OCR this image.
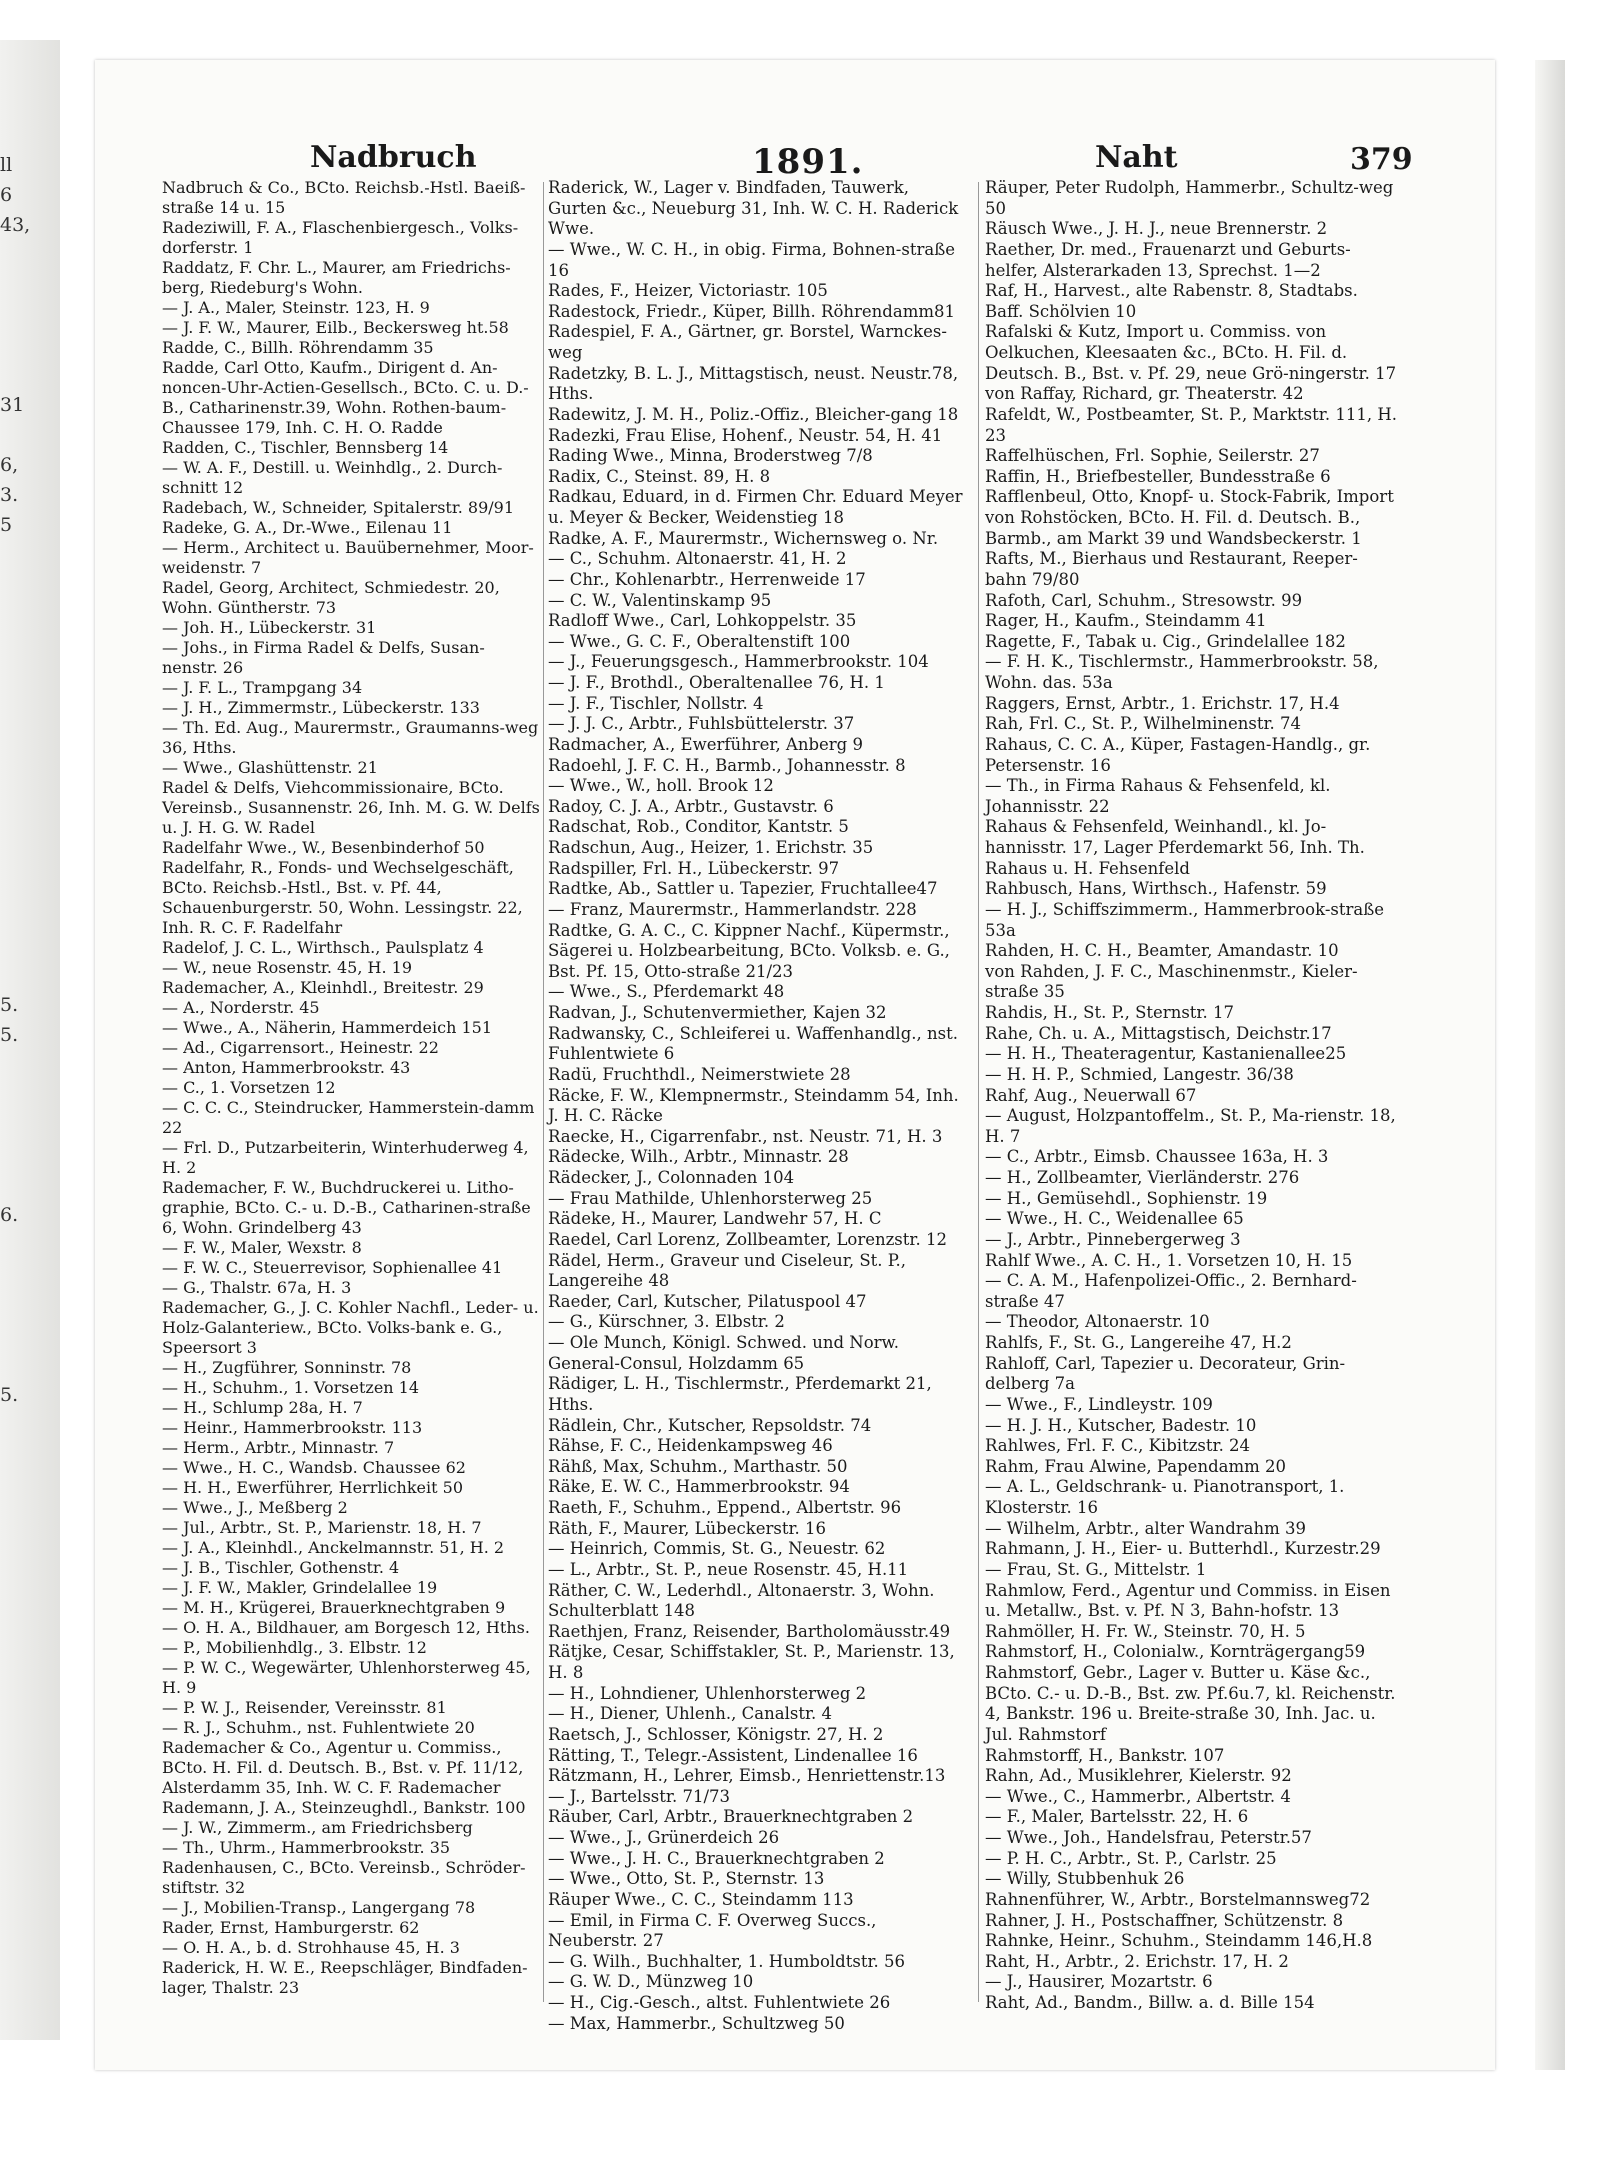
ll
6
43,
31
6,
3.
5
5.
5.
6.
5.
Nadbruch	1891.	Naht	379
Nadbruch & Co., BCto. Reichsb.-Hstl. Baeiß-straße 14 u. 15
Radeziwill, F. A., Flaschenbiergesch., Volks-dorferstr. 1
Raddatz, F. Chr. L., Maurer, am Friedrichs-berg, Riedeburg's Wohn.
— J. A., Maler, Steinstr. 123, H. 9
— J. F. W., Maurer, Eilb., Beckersweg ht.58
Radde, C., Billh. Röhrendamm 35
Radde, Carl Otto, Kaufm., Dirigent d. An-noncen-Uhr-Actien-Gesellsch., BCto. C. u. D.-B., Catharinenstr.39, Wohn. Rothen-baum-Chaussee 179, Inh. C. H. O. Radde
Radden, C., Tischler, Bennsberg 14
— W. A. F., Destill. u. Weinhdlg., 2. Durch-schnitt 12
Radebach, W., Schneider, Spitalerstr. 89/91
Radeke, G. A., Dr.-Wwe., Eilenau 11
— Herm., Architect u. Bauübernehmer, Moor-weidenstr. 7
Radel, Georg, Architect, Schmiedestr. 20, Wohn. Güntherstr. 73
— Joh. H., Lübeckerstr. 31
— Johs., in Firma Radel & Delfs, Susan-nenstr. 26
— J. F. L., Trampgang 34
— J. H., Zimmermstr., Lübeckerstr. 133
— Th. Ed. Aug., Maurermstr., Graumanns-weg 36, Hths.
— Wwe., Glashüttenstr. 21
Radel & Delfs, Viehcommissionaire, BCto. Vereinsb., Susannenstr. 26, Inh. M. G. W. Delfs u. J. H. G. W. Radel
Radelfahr Wwe., W., Besenbinderhof 50
Radelfahr, R., Fonds- und Wechselgeschäft, BCto. Reichsb.-Hstl., Bst. v. Pf. 44, Schauenburgerstr. 50, Wohn. Lessingstr. 22, Inh. R. C. F. Radelfahr
Radelof, J. C. L., Wirthsch., Paulsplatz 4
— W., neue Rosenstr. 45, H. 19
Rademacher, A., Kleinhdl., Breitestr. 29
— A., Norderstr. 45
— Wwe., A., Näherin, Hammerdeich 151
— Ad., Cigarrensort., Heinestr. 22
— Anton, Hammerbrookstr. 43
— C., 1. Vorsetzen 12
— C. C. C., Steindrucker, Hammerstein-damm 22
— Frl. D., Putzarbeiterin, Winterhuderweg 4, H. 2
Rademacher, F. W., Buchdruckerei u. Litho-graphie, BCto. C.- u. D.-B., Catharinen-straße 6, Wohn. Grindelberg 43
— F. W., Maler, Wexstr. 8
— F. W. C., Steuerrevisor, Sophienallee 41
— G., Thalstr. 67a, H. 3
Rademacher, G., J. C. Kohler Nachfl., Leder- u. Holz-Galanteriew., BCto. Volks-bank e. G., Speersort 3
— H., Zugführer, Sonninstr. 78
— H., Schuhm., 1. Vorsetzen 14
— H., Schlump 28a, H. 7
— Heinr., Hammerbrookstr. 113
— Herm., Arbtr., Minnastr. 7
— Wwe., H. C., Wandsb. Chaussee 62
— H. H., Ewerführer, Herrlichkeit 50
— Wwe., J., Meßberg 2
— Jul., Arbtr., St. P., Marienstr. 18, H. 7
— J. A., Kleinhdl., Anckelmannstr. 51, H. 2
— J. B., Tischler, Gothenstr. 4
— J. F. W., Makler, Grindelallee 19
— M. H., Krügerei, Brauerknechtgraben 9
— O. H. A., Bildhauer, am Borgesch 12, Hths.
— P., Mobilienhdlg., 3. Elbstr. 12
— P. W. C., Wegewärter, Uhlenhorsterweg 45, H. 9
— P. W. J., Reisender, Vereinsstr. 81
— R. J., Schuhm., nst. Fuhlentwiete 20
Rademacher & Co., Agentur u. Commiss., BCto. H. Fil. d. Deutsch. B., Bst. v. Pf. 11/12, Alsterdamm 35, Inh. W. C. F. Rademacher
Rademann, J. A., Steinzeughdl., Bankstr. 100
— J. W., Zimmerm., am Friedrichsberg
— Th., Uhrm., Hammerbrookstr. 35
Radenhausen, C., BCto. Vereinsb., Schröder-stiftstr. 32
— J., Mobilien-Transp., Langergang 78
Rader, Ernst, Hamburgerstr. 62
— O. H. A., b. d. Strohhause 45, H. 3
Raderick, H. W. E., Reepschläger, Bindfaden-lager, Thalstr. 23
Raderick, W., Lager v. Bindfaden, Tauwerk, Gurten &c., Neueburg 31, Inh. W. C. H. Raderick Wwe.
— Wwe., W. C. H., in obig. Firma, Bohnen-straße 16
Rades, F., Heizer, Victoriastr. 105
Radestock, Friedr., Küper, Billh. Röhrendamm81
Radespiel, F. A., Gärtner, gr. Borstel, Warnckes-weg
Radetzky, B. L. J., Mittagstisch, neust. Neustr.78, Hths.
Radewitz, J. M. H., Poliz.-Offiz., Bleicher-gang 18
Radezki, Frau Elise, Hohenf., Neustr. 54, H. 41
Rading Wwe., Minna, Broderstweg 7/8
Radix, C., Steinst. 89, H. 8
Radkau, Eduard, in d. Firmen Chr. Eduard Meyer u. Meyer & Becker, Weidenstieg 18
Radke, A. F., Maurermstr., Wichernsweg o. Nr.
— C., Schuhm. Altonaerstr. 41, H. 2
— Chr., Kohlenarbtr., Herrenweide 17
— C. W., Valentinskamp 95
Radloff Wwe., Carl, Lohkoppelstr. 35
— Wwe., G. C. F., Oberaltenstift 100
— J., Feuerungsgesch., Hammerbrookstr. 104
— J. F., Brothdl., Oberaltenallee 76, H. 1
— J. F., Tischler, Nollstr. 4
— J. J. C., Arbtr., Fuhlsbüttelerstr. 37
Radmacher, A., Ewerführer, Anberg 9
Radoehl, J. F. C. H., Barmb., Johannesstr. 8
— Wwe., W., holl. Brook 12
Radoy, C. J. A., Arbtr., Gustavstr. 6
Radschat, Rob., Conditor, Kantstr. 5
Radschun, Aug., Heizer, 1. Erichstr. 35
Radspiller, Frl. H., Lübeckerstr. 97
Radtke, Ab., Sattler u. Tapezier, Fruchtallee47
— Franz, Maurermstr., Hammerlandstr. 228
Radtke, G. A. C., C. Kippner Nachf., Küpermstr., Sägerei u. Holzbearbeitung, BCto. Volksb. e. G., Bst. Pf. 15, Otto-straße 21/23
— Wwe., S., Pferdemarkt 48
Radvan, J., Schutenvermiether, Kajen 32
Radwansky, C., Schleiferei u. Waffenhandlg., nst. Fuhlentwiete 6
Radü, Fruchthdl., Neimerstwiete 28
Räcke, F. W., Klempnermstr., Steindamm 54, Inh. J. H. C. Räcke
Raecke, H., Cigarrenfabr., nst. Neustr. 71, H. 3
Rädecke, Wilh., Arbtr., Minnastr. 28
Rädecker, J., Colonnaden 104
— Frau Mathilde, Uhlenhorsterweg 25
Rädeke, H., Maurer, Landwehr 57, H. C
Raedel, Carl Lorenz, Zollbeamter, Lorenzstr. 12
Rädel, Herm., Graveur und Ciseleur, St. P., Langereihe 48
Raeder, Carl, Kutscher, Pilatuspool 47
— G., Kürschner, 3. Elbstr. 2
— Ole Munch, Königl. Schwed. und Norw. General-Consul, Holzdamm 65
Rädiger, L. H., Tischlermstr., Pferdemarkt 21, Hths.
Rädlein, Chr., Kutscher, Repsoldstr. 74
Rähse, F. C., Heidenkampsweg 46
Rähß, Max, Schuhm., Marthastr. 50
Räke, E. W. C., Hammerbrookstr. 94
Raeth, F., Schuhm., Eppend., Albertstr. 96
Räth, F., Maurer, Lübeckerstr. 16
— Heinrich, Commis, St. G., Neuestr. 62
— L., Arbtr., St. P., neue Rosenstr. 45, H.11
Räther, C. W., Lederhdl., Altonaerstr. 3, Wohn. Schulterblatt 148
Raethjen, Franz, Reisender, Bartholomäusstr.49
Rätjke, Cesar, Schiffstakler, St. P., Marienstr. 13, H. 8
— H., Lohndiener, Uhlenhorsterweg 2
— H., Diener, Uhlenh., Canalstr. 4
Raetsch, J., Schlosser, Königstr. 27, H. 2
Rätting, T., Telegr.-Assistent, Lindenallee 16
Rätzmann, H., Lehrer, Eimsb., Henriettenstr.13
— J., Bartelsstr. 71/73
Räuber, Carl, Arbtr., Brauerknechtgraben 2
— Wwe., J., Grünerdeich 26
— Wwe., J. H. C., Brauerknechtgraben 2
— Wwe., Otto, St. P., Sternstr. 13
Räuper Wwe., C. C., Steindamm 113
— Emil, in Firma C. F. Overweg Succs., Neuberstr. 27
— G. Wilh., Buchhalter, 1. Humboldtstr. 56
— G. W. D., Münzweg 10
— H., Cig.-Gesch., altst. Fuhlentwiete 26
— Max, Hammerbr., Schultzweg 50
Räuper, Peter Rudolph, Hammerbr., Schultz-weg 50
Räusch Wwe., J. H. J., neue Brennerstr. 2
Raether, Dr. med., Frauenarzt und Geburts-helfer, Alsterarkaden 13, Sprechst. 1—2
Raf, H., Harvest., alte Rabenstr. 8, Stadtabs. Baff. Schölvien 10
Rafalski & Kutz, Import u. Commiss. von Oelkuchen, Kleesaaten &c., BCto. H. Fil. d. Deutsch. B., Bst. v. Pf. 29, neue Grö-ningerstr. 17
von Raffay, Richard, gr. Theaterstr. 42
Rafeldt, W., Postbeamter, St. P., Marktstr. 111, H. 23
Raffelhüschen, Frl. Sophie, Seilerstr. 27
Raffin, H., Briefbesteller, Bundesstraße 6
Rafflenbeul, Otto, Knopf- u. Stock-Fabrik, Import von Rohstöcken, BCto. H. Fil. d. Deutsch. B., Barmb., am Markt 39 und Wandsbeckerstr. 1
Rafts, M., Bierhaus und Restaurant, Reeper-bahn 79/80
Rafoth, Carl, Schuhm., Stresowstr. 99
Rager, H., Kaufm., Steindamm 41
Ragette, F., Tabak u. Cig., Grindelallee 182
— F. H. K., Tischlermstr., Hammerbrookstr. 58, Wohn. das. 53a
Raggers, Ernst, Arbtr., 1. Erichstr. 17, H.4
Rah, Frl. C., St. P., Wilhelminenstr. 74
Rahaus, C. C. A., Küper, Fastagen-Handlg., gr. Petersenstr. 16
— Th., in Firma Rahaus & Fehsenfeld, kl. Johannisstr. 22
Rahaus & Fehsenfeld, Weinhandl., kl. Jo-hannisstr. 17, Lager Pferdemarkt 56, Inh. Th. Rahaus u. H. Fehsenfeld
Rahbusch, Hans, Wirthsch., Hafenstr. 59
— H. J., Schiffszimmerm., Hammerbrook-straße 53a
Rahden, H. C. H., Beamter, Amandastr. 10
von Rahden, J. F. C., Maschinenmstr., Kieler-straße 35
Rahdis, H., St. P., Sternstr. 17
Rahe, Ch. u. A., Mittagstisch, Deichstr.17
— H. H., Theateragentur, Kastanienallee25
— H. H. P., Schmied, Langestr. 36/38
Rahf, Aug., Neuerwall 67
— August, Holzpantoffelm., St. P., Ma-rienstr. 18, H. 7
— C., Arbtr., Eimsb. Chaussee 163a, H. 3
— H., Zollbeamter, Vierländerstr. 276
— H., Gemüsehdl., Sophienstr. 19
— Wwe., H. C., Weidenallee 65
— J., Arbtr., Pinnebergerweg 3
Rahlf Wwe., A. C. H., 1. Vorsetzen 10, H. 15
— C. A. M., Hafenpolizei-Offic., 2. Bernhard-straße 47
— Theodor, Altonaerstr. 10
Rahlfs, F., St. G., Langereihe 47, H.2
Rahloff, Carl, Tapezier u. Decorateur, Grin-delberg 7a
— Wwe., F., Lindleystr. 109
— H. J. H., Kutscher, Badestr. 10
Rahlwes, Frl. F. C., Kibitzstr. 24
Rahm, Frau Alwine, Papendamm 20
— A. L., Geldschrank- u. Pianotransport, 1. Klosterstr. 16
— Wilhelm, Arbtr., alter Wandrahm 39
Rahmann, J. H., Eier- u. Butterhdl., Kurzestr.29
— Frau, St. G., Mittelstr. 1
Rahmlow, Ferd., Agentur und Commiss. in Eisen u. Metallw., Bst. v. Pf. N 3, Bahn-hofstr. 13
Rahmöller, H. Fr. W., Steinstr. 70, H. 5
Rahmstorf, H., Colonialw., Kornträgergang59
Rahmstorf, Gebr., Lager v. Butter u. Käse &c., BCto. C.- u. D.-B., Bst. zw. Pf.6u.7, kl. Reichenstr. 4, Bankstr. 196 u. Breite-straße 30, Inh. Jac. u. Jul. Rahmstorf
Rahmstorff, H., Bankstr. 107
Rahn, Ad., Musiklehrer, Kielerstr. 92
— Wwe., C., Hammerbr., Albertstr. 4
— F., Maler, Bartelsstr. 22, H. 6
— Wwe., Joh., Handelsfrau, Peterstr.57
— P. H. C., Arbtr., St. P., Carlstr. 25
— Willy, Stubbenhuk 26
Rahnenführer, W., Arbtr., Borstelmannsweg72
Rahner, J. H., Postschaffner, Schützenstr. 8
Rahnke, Heinr., Schuhm., Steindamm 146,H.8
Raht, H., Arbtr., 2. Erichstr. 17, H. 2
— J., Hausirer, Mozartstr. 6
Raht, Ad., Bandm., Billw. a. d. Bille 154
